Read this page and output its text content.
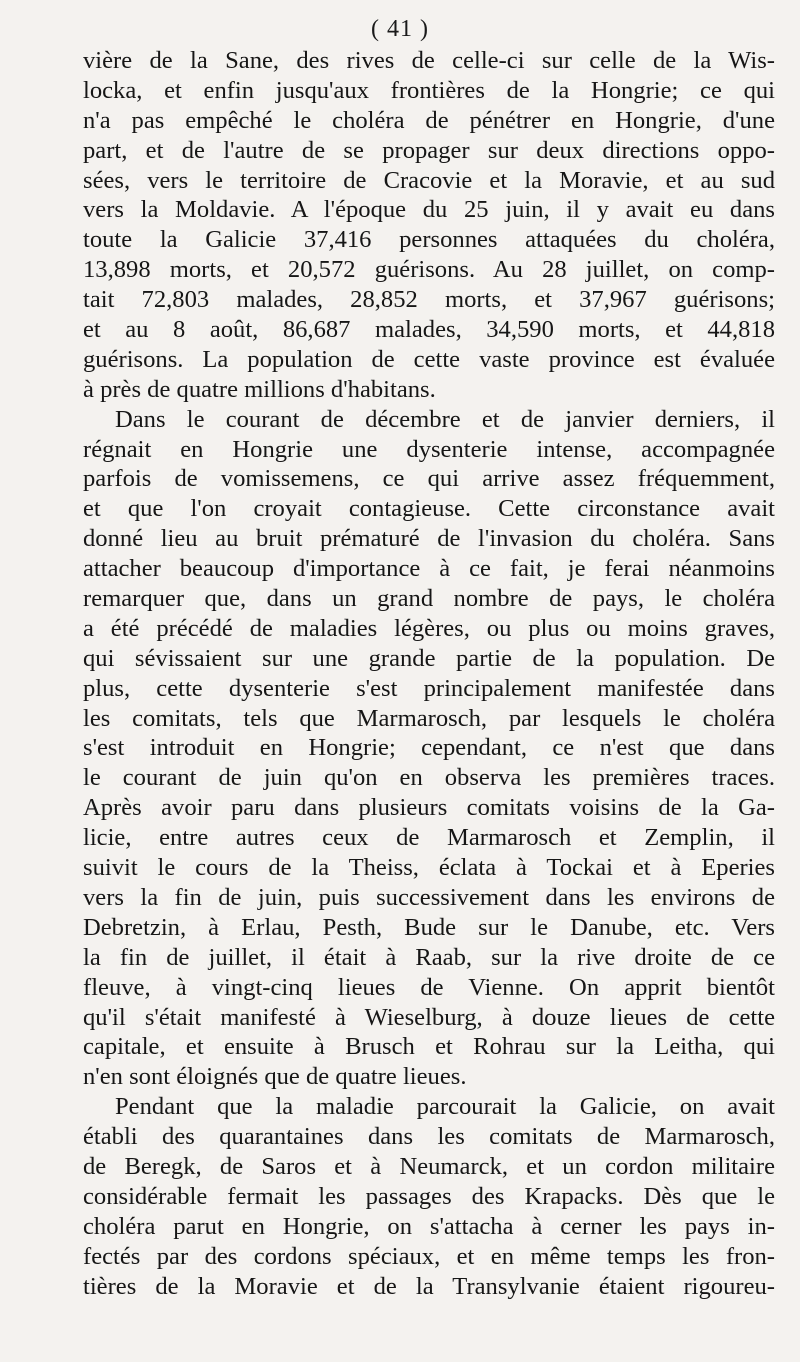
( 41 )
vière de la Sane, des rives de celle-ci sur celle de la Wis-
locka, et enfin jusqu'aux frontières de la Hongrie; ce qui
n'a pas empêché le choléra de pénétrer en Hongrie, d'une
part, et de l'autre de se propager sur deux directions oppo-
sées, vers le territoire de Cracovie et la Moravie, et au sud
vers la Moldavie. A l'époque du 25 juin, il y avait eu dans
toute la Galicie 37,416 personnes attaquées du choléra,
13,898 morts, et 20,572 guérisons. Au 28 juillet, on comp-
tait 72,803 malades, 28,852 morts, et 37,967 guérisons;
et au 8 août, 86,687 malades, 34,590 morts, et 44,818
guérisons. La population de cette vaste province est évaluée
à près de quatre millions d'habitans.
Dans le courant de décembre et de janvier derniers, il
régnait en Hongrie une dysenterie intense, accompagnée
parfois de vomissemens, ce qui arrive assez fréquemment,
et que l'on croyait contagieuse. Cette circonstance avait
donné lieu au bruit prématuré de l'invasion du choléra. Sans
attacher beaucoup d'importance à ce fait, je ferai néanmoins
remarquer que, dans un grand nombre de pays, le choléra
a été précédé de maladies légères, ou plus ou moins graves,
qui sévissaient sur une grande partie de la population. De
plus, cette dysenterie s'est principalement manifestée dans
les comitats, tels que Marmarosch, par lesquels le choléra
s'est introduit en Hongrie; cependant, ce n'est que dans
le courant de juin qu'on en observa les premières traces.
Après avoir paru dans plusieurs comitats voisins de la Ga-
licie, entre autres ceux de Marmarosch et Zemplin, il
suivit le cours de la Theiss, éclata à Tockai et à Eperies
vers la fin de juin, puis successivement dans les environs de
Debretzin, à Erlau, Pesth, Bude sur le Danube, etc. Vers
la fin de juillet, il était à Raab, sur la rive droite de ce
fleuve, à vingt-cinq lieues de Vienne. On apprit bientôt
qu'il s'était manifesté à Wieselburg, à douze lieues de cette
capitale, et ensuite à Brusch et Rohrau sur la Leitha, qui
n'en sont éloignés que de quatre lieues.
Pendant que la maladie parcourait la Galicie, on avait
établi des quarantaines dans les comitats de Marmarosch,
de Beregk, de Saros et à Neumarck, et un cordon militaire
considérable fermait les passages des Krapacks. Dès que le
choléra parut en Hongrie, on s'attacha à cerner les pays in-
fectés par des cordons spéciaux, et en même temps les fron-
tières de la Moravie et de la Transylvanie étaient rigoureu-
